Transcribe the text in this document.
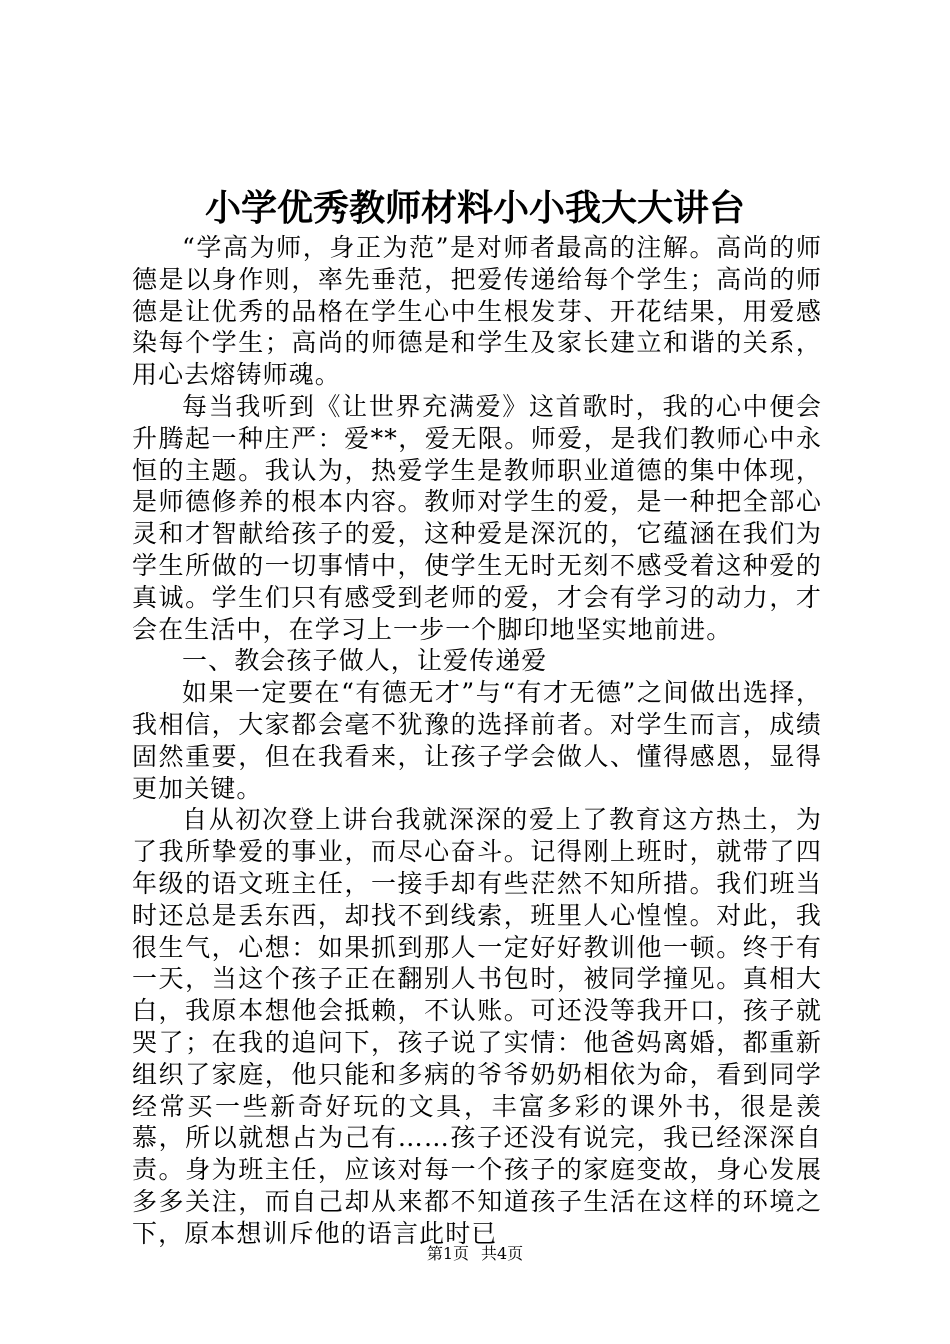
小学优秀教师材料小小我大大讲台

“学高为师，身正为范”是对师者最高的注解。高尚的师德是以身作则，率先垂范，把爱传递给每个学生；高尚的师德是让优秀的品格在学生心中生根发芽、开花结果，用爱感染每个学生；高尚的师德是和学生及家长建立和谐的关系，用心去熔铸师魂。

每当我听到《让世界充满爱》这首歌时，我的心中便会升腾起一种庄严：爱**，爱无限。师爱，是我们教师心中永恒的主题。我认为，热爱学生是教师职业道德的集中体现，是师德修养的根本内容。教师对学生的爱，是一种把全部心灵和才智献给孩子的爱，这种爱是深沉的，它蕴涵在我们为学生所做的一切事情中，使学生无时无刻不感受着这种爱的真诚。学生们只有感受到老师的爱，才会有学习的动力，才会在生活中，在学习上一步一个脚印地坚实地前进。

一、教会孩子做人，让爱传递爱

如果一定要在“有德无才”与“有才无德”之间做出选择，我相信，大家都会毫不犹豫的选择前者。对学生而言，成绩固然重要，但在我看来，让孩子学会做人、懂得感恩，显得更加关键。

自从初次登上讲台我就深深的爱上了教育这方热土，为了我所挚爱的事业，而尽心奋斗。记得刚上班时，就带了四年级的语文班主任，一接手却有些茫然不知所措。我们班当时还总是丢东西，却找不到线索，班里人心惶惶。对此，我很生气，心想：如果抓到那人一定好好教训他一顿。终于有一天，当这个孩子正在翻别人书包时，被同学撞见。真相大白，我原本想他会抵赖，不认账。可还没等我开口，孩子就哭了；在我的追问下，孩子说了实情：他爸妈离婚，都重新组织了家庭，他只能和多病的爷爷奶奶相依为命，看到同学经常买一些新奇好玩的文具，丰富多彩的课外书，很是羡慕，所以就想占为己有……孩子还没有说完，我已经深深自责。身为班主任，应该对每一个孩子的家庭变故，身心发展多多关注，而自己却从来都不知道孩子生活在这样的环境之下，原本想训斥他的语言此时已

第1页 共4页
